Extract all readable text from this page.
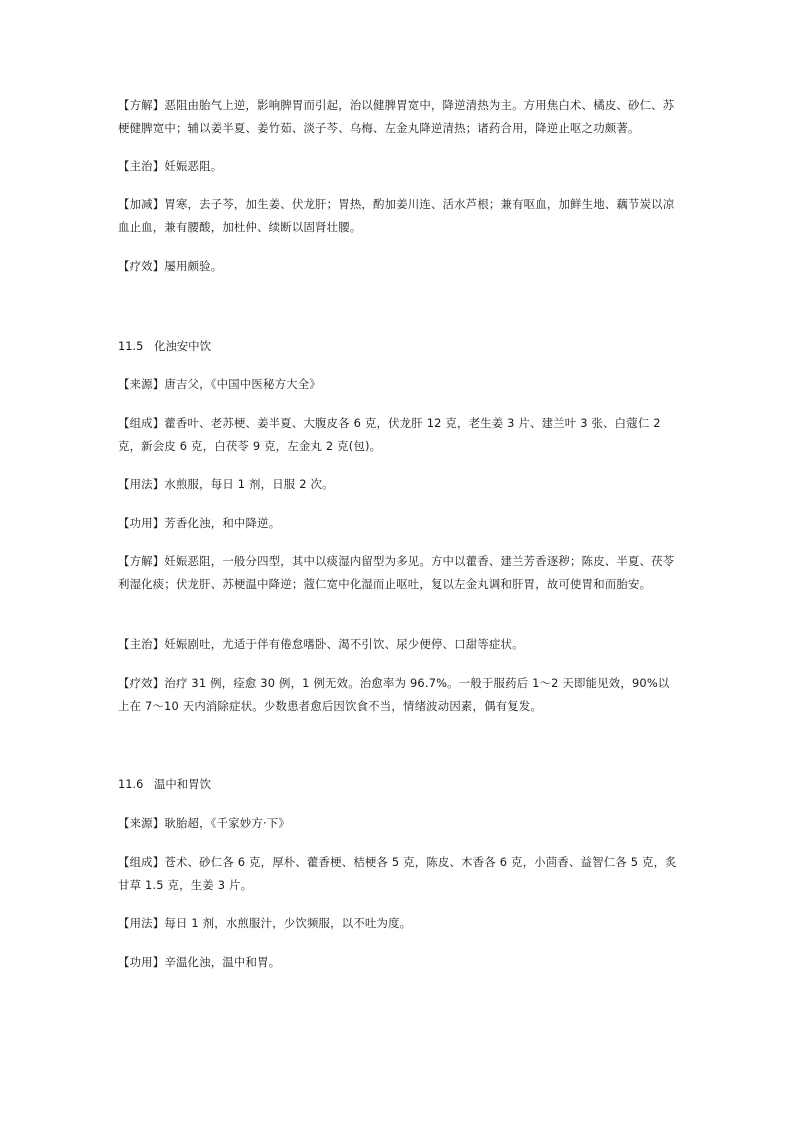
【方解】恶阻由胎气上逆，影响脾胃而引起，治以健脾胃宽中，降逆清热为主。方用焦白术、橘皮、砂仁、苏梗健脾宽中；辅以姜半夏、姜竹茹、淡子芩、乌梅、左金丸降逆清热；诸药合用，降逆止呕之功颇著。

【主治】妊娠恶阻。

【加减】胃寒，去子芩，加生姜、伏龙肝；胃热，酌加姜川连、活水芦根；兼有呕血，加鲜生地、藕节炭以凉血止血，兼有腰酸，加杜仲、续断以固肾壮腰。

【疗效】屡用颇验。

11.5 化浊安中饮

【来源】唐吉父，《中国中医秘方大全》

【组成】藿香叶、老苏梗、姜半夏、大腹皮各 6 克，伏龙肝 12 克，老生姜 3 片、建兰叶 3 张、白蔻仁 2 克，新会皮 6 克，白茯苓 9 克，左金丸 2 克(包)。

【用法】水煎服，每日 1 剂，日服 2 次。

【功用】芳香化浊，和中降逆。

【方解】妊娠恶阻，一般分四型，其中以痰湿内留型为多见。方中以藿香、建兰芳香逐秽；陈皮、半夏、茯苓利湿化痰；伏龙肝、苏梗温中降逆；蔻仁宽中化湿而止呕吐，复以左金丸调和肝胃，故可使胃和而胎安。

【主治】妊娠剧吐，尤适于伴有倦怠嗜卧、渴不引饮、尿少便停、口甜等症状。

【疗效】治疗 31 例，痊愈 30 例，1 例无效。治愈率为 96.7%。一般于服药后 1～2 天即能见效，90%以上在 7～10 天内消除症状。少数患者愈后因饮食不当，情绪波动因素，偶有复发。

11.6 温中和胃饮

【来源】耿胎超，《千家妙方·下》

【组成】苍术、砂仁各 6 克，厚朴、藿香梗、桔梗各 5 克，陈皮、木香各 6 克，小茴香、益智仁各 5 克，炙甘草 1.5 克，生姜 3 片。

【用法】每日 1 剂，水煎服汁，少饮频服，以不吐为度。

【功用】辛温化浊，温中和胃。
